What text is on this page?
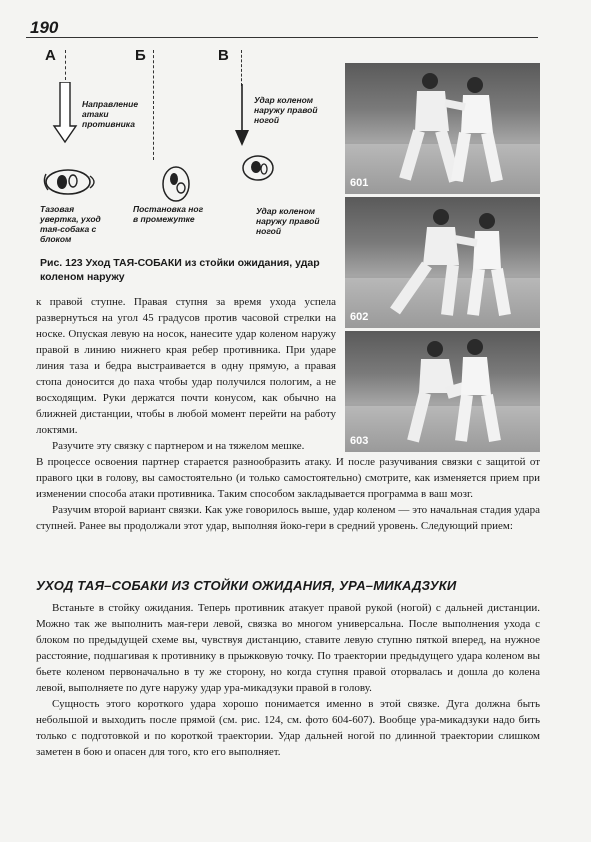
190
А
Направление атаки противника
Тазовая увертка, уход тая-собака с блоком
Б
Постановка ног в промежутке
В
Удар коленом наружу правой ногой
Удар коленом наружу правой ногой
Рис. 123 Уход ТАЯ-СОБАКИ из стойки ожидания, удар коленом наружу
601
602
603

к правой ступне. Правая ступня за время ухода успела развернуться на угол 45 градусов против часовой стрелки на носке. Опуская левую на носок, нанесите удар коленом наружу правой в линию нижнего края ребер противника. При ударе линия таза и бедра выстраивается в одну прямую, а правая стопа доносится до паха чтобы удар получился пологим, а не восходящим. Руки держатся почти конусом, как обычно на ближней дистанции, чтобы в любой момент перейти на работу локтями.

Разучите эту связку с партнером и на тяжелом мешке.

В процессе освоения партнер старается разнообразить атаку. И после разучивания связки с защитой от правого цки в голову, вы самостоятельно (и только самостоятельно) смотрите, как изменяется прием при изменении способа атаки противника. Таким способом закладывается программа в ваш мозг.

Разучим второй вариант связки. Как уже говорилось выше, удар коленом — это начальная стадия удара ступней. Ранее вы продолжали этот удар, выполняя йоко-гери в средний уровень. Следующий прием:

УХОД ТАЯ–СОБАКИ ИЗ СТОЙКИ ОЖИДАНИЯ, УРА–МИКАДЗУКИ

Встаньте в стойку ожидания. Теперь противник атакует правой рукой (ногой) с дальней дистанции. Можно так же выполнить мая-гери левой, связка во многом универсальна. После выполнения ухода с блоком по предыдущей схеме вы, чувствуя дистанцию, ставите левую ступню пяткой вперед, на нужное расстояние, подшагивая к противнику в прыжковую точку. По траектории предыдущего удара коленом вы бьете коленом первоначально в ту же сторону, но когда ступня правой оторвалась и дошла до колена левой, выполняете по дуге наружу удар ура-микадзуки правой в голову.

Сущность этого короткого удара хорошо понимается именно в этой связке. Дуга должна быть небольшой и выходить после прямой (см. рис. 124, см. фото 604-607). Вообще ура-микадзуки надо бить только с подготовкой и по короткой траектории. Удар дальней ногой по длинной траектории слишком заметен в бою и опасен для того, кто его выполняет.
